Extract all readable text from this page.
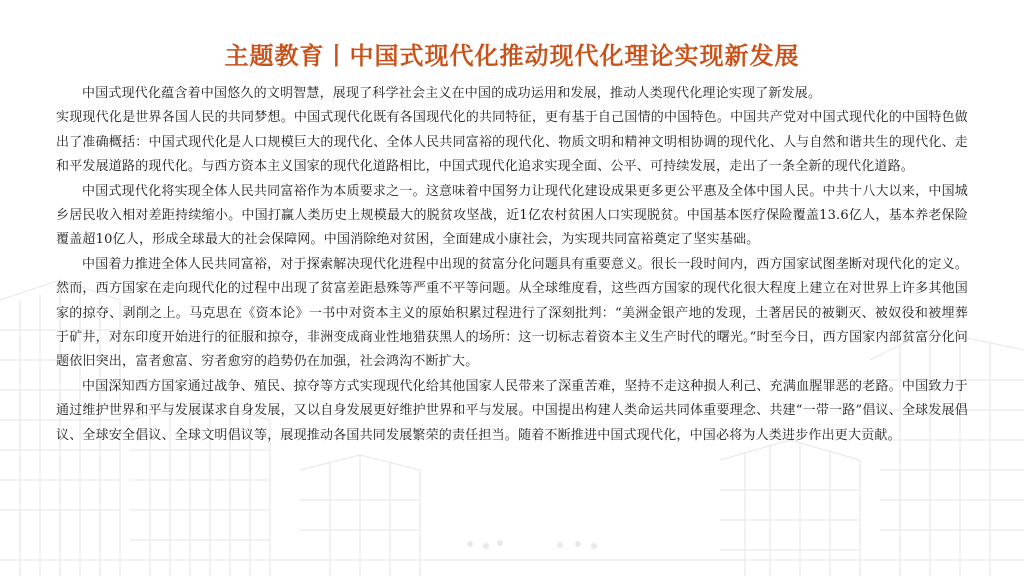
主题教育丨中国式现代化推动现代化理论实现新发展

中国式现代化蕴含着中国悠久的文明智慧，展现了科学社会主义在中国的成功运用和发展，推动人类现代化理论实现了新发展。

实现现代化是世界各国人民的共同梦想。中国式现代化既有各国现代化的共同特征，更有基于自己国情的中国特色。中国共产党对中国式现代化的中国特色做出了准确概括：中国式现代化是人口规模巨大的现代化、全体人民共同富裕的现代化、物质文明和精神文明相协调的现代化、人与自然和谐共生的现代化、走和平发展道路的现代化。与西方资本主义国家的现代化道路相比，中国式现代化追求实现全面、公平、可持续发展，走出了一条全新的现代化道路。

中国式现代化将实现全体人民共同富裕作为本质要求之一。这意味着中国努力让现代化建设成果更多更公平惠及全体中国人民。中共十八大以来，中国城乡居民收入相对差距持续缩小。中国打赢人类历史上规模最大的脱贫攻坚战，近1亿农村贫困人口实现脱贫。中国基本医疗保险覆盖13.6亿人，基本养老保险覆盖超10亿人，形成全球最大的社会保障网。中国消除绝对贫困，全面建成小康社会，为实现共同富裕奠定了坚实基础。

中国着力推进全体人民共同富裕，对于探索解决现代化进程中出现的贫富分化问题具有重要意义。很长一段时间内，西方国家试图垄断对现代化的定义。然而，西方国家在走向现代化的过程中出现了贫富差距悬殊等严重不平等问题。从全球维度看，这些西方国家的现代化很大程度上建立在对世界上许多其他国家的掠夺、剥削之上。马克思在《资本论》一书中对资本主义的原始积累过程进行了深刻批判：“美洲金银产地的发现，土著居民的被剿灭、被奴役和被埋葬于矿井，对东印度开始进行的征服和掠夺，非洲变成商业性地猎获黑人的场所：这一切标志着资本主义生产时代的曙光。”时至今日，西方国家内部贫富分化问题依旧突出，富者愈富、穷者愈穷的趋势仍在加强，社会鸿沟不断扩大。

中国深知西方国家通过战争、殖民、掠夺等方式实现现代化给其他国家人民带来了深重苦难，坚持不走这种损人利己、充满血腥罪恶的老路。中国致力于通过维护世界和平与发展谋求自身发展，又以自身发展更好维护世界和平与发展。中国提出构建人类命运共同体重要理念、共建“一带一路”倡议、全球发展倡议、全球安全倡议、全球文明倡议等，展现推动各国共同发展繁荣的责任担当。随着不断推进中国式现代化，中国必将为人类进步作出更大贡献。
